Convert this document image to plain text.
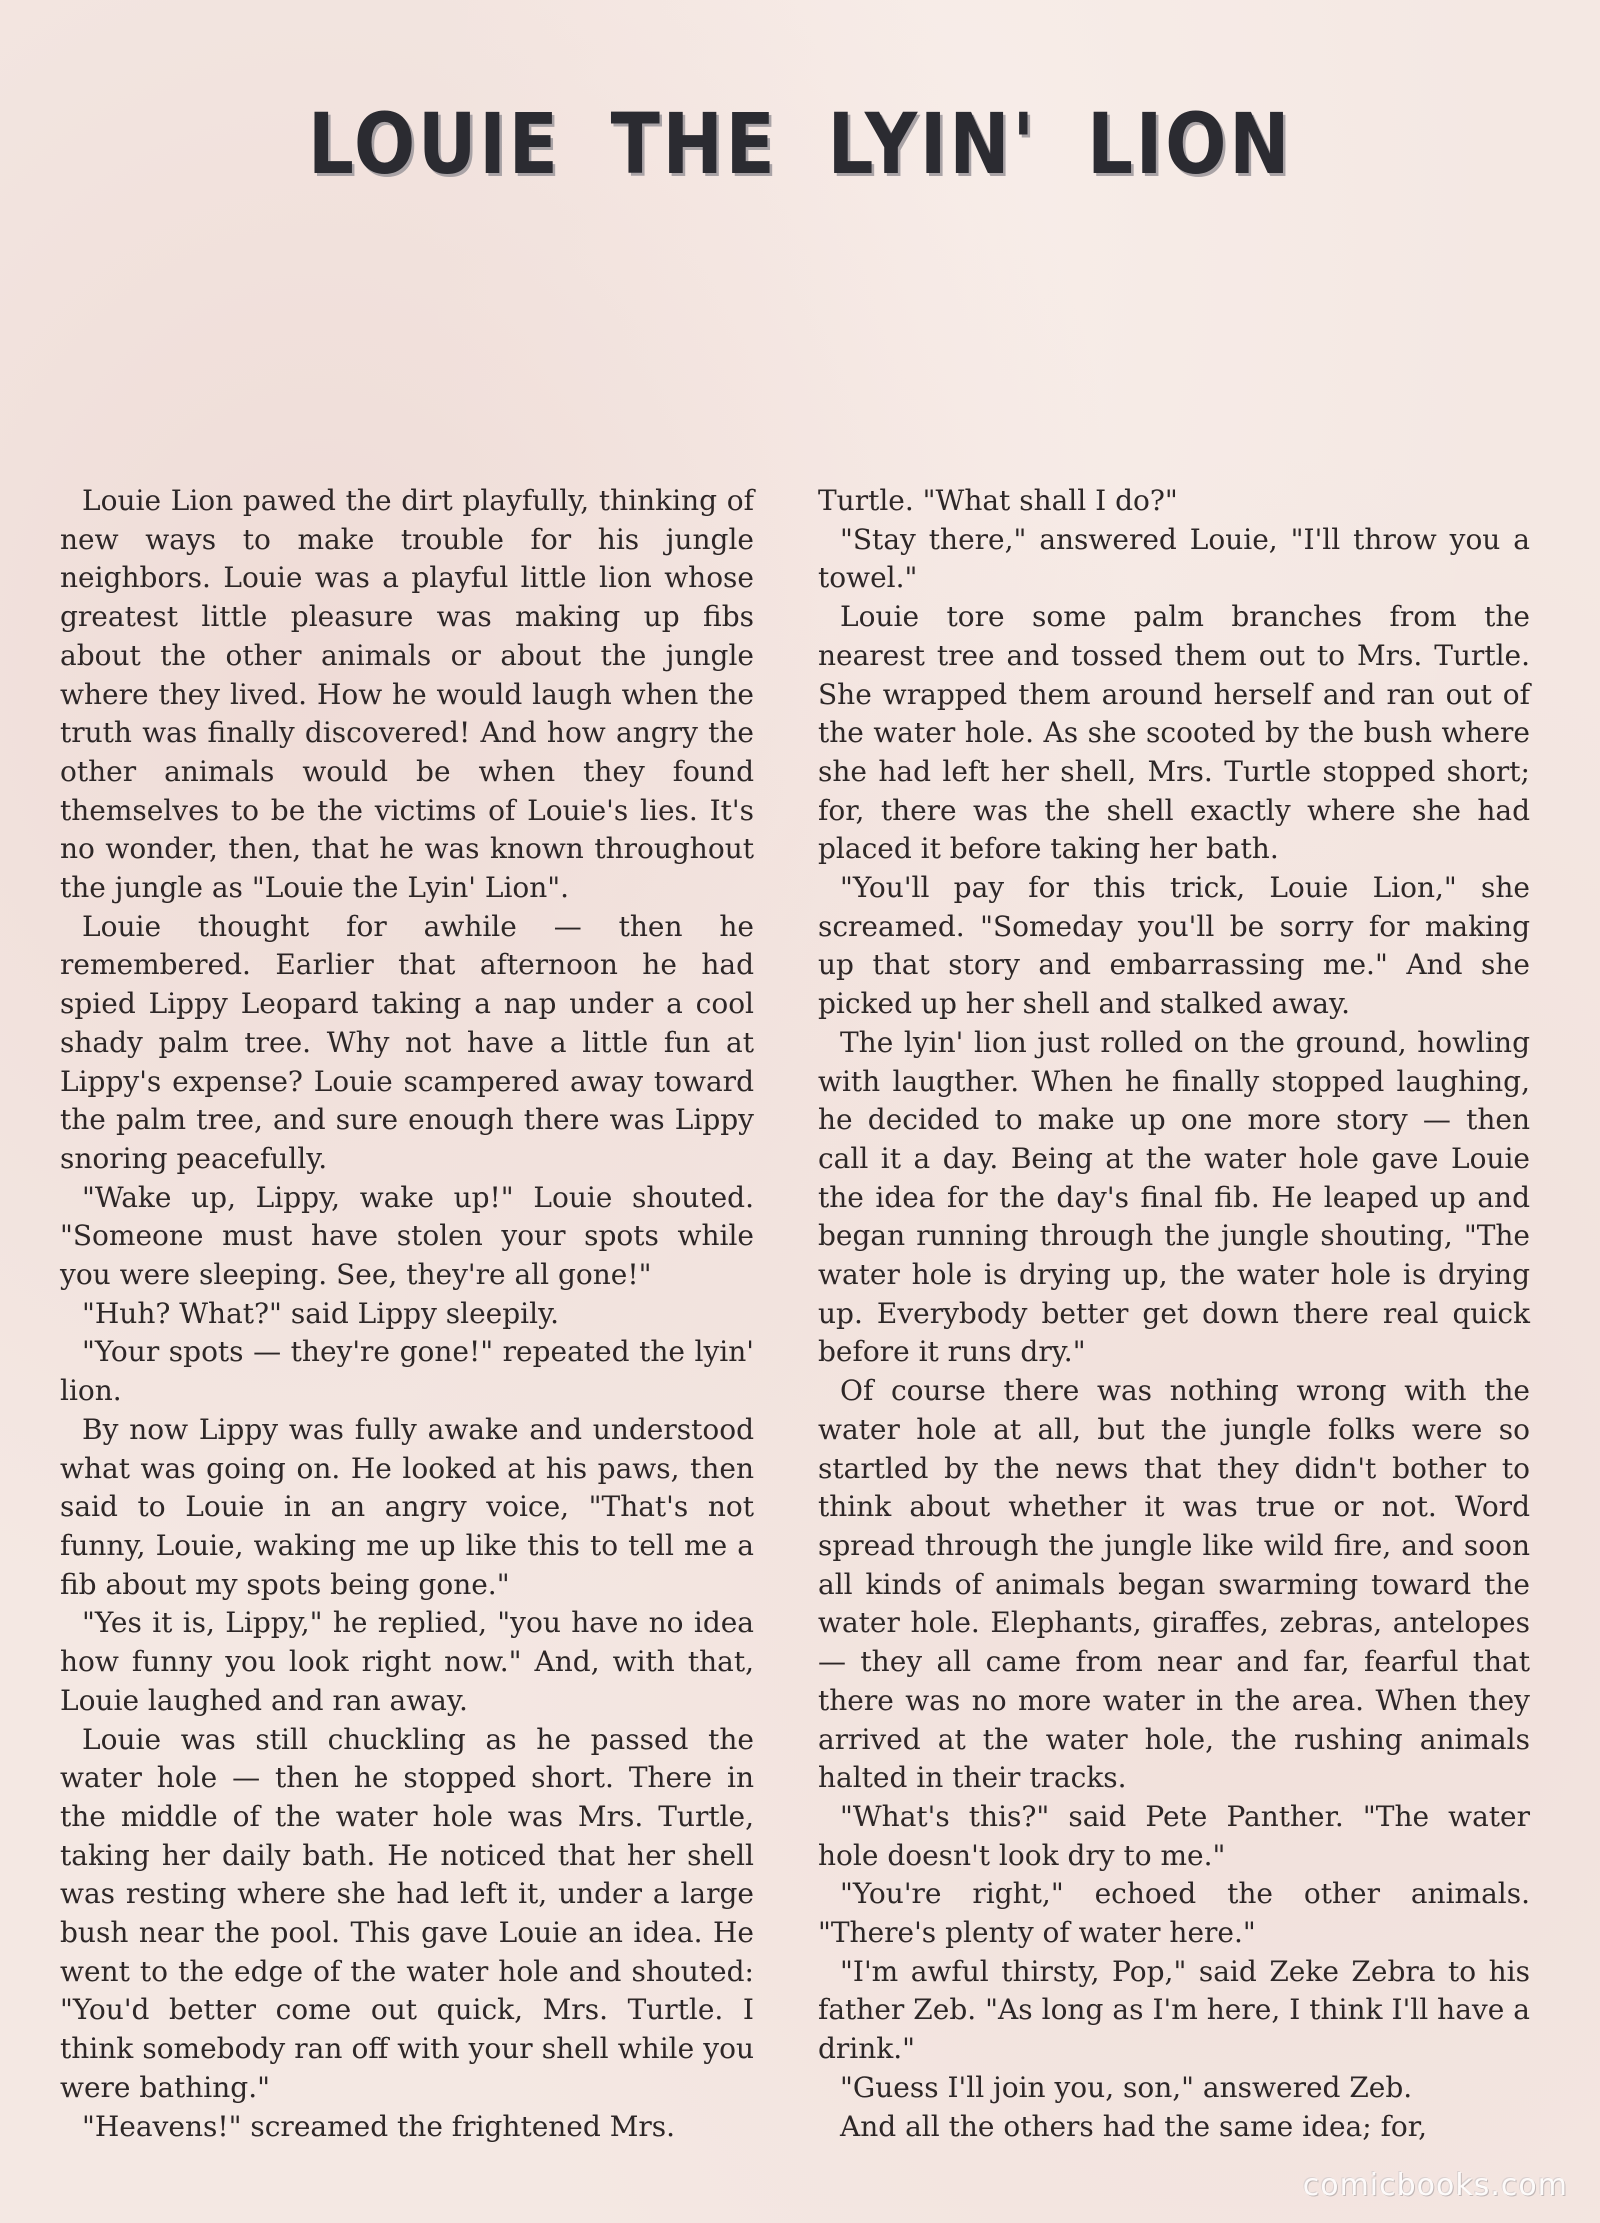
LOUIE THE LYIN' LION

Louie Lion pawed the dirt playfully, thinking of new ways to make trouble for his jungle neighbors. Louie was a playful little lion whose greatest little pleasure was making up fibs about the other animals or about the jungle where they lived. How he would laugh when the truth was finally discovered! And how angry the other animals would be when they found themselves to be the victims of Louie's lies. It's no wonder, then, that he was known throughout the jungle as "Louie the Lyin' Lion".

Louie thought for awhile — then he remembered. Earlier that afternoon he had spied Lippy Leopard taking a nap under a cool shady palm tree. Why not have a little fun at Lippy's expense? Louie scampered away toward the palm tree, and sure enough there was Lippy snoring peacefully.

"Wake up, Lippy, wake up!" Louie shouted. "Someone must have stolen your spots while you were sleeping. See, they're all gone!"

"Huh? What?" said Lippy sleepily.

"Your spots — they're gone!" repeated the lyin' lion.

By now Lippy was fully awake and understood what was going on. He looked at his paws, then said to Louie in an angry voice, "That's not funny, Louie, waking me up like this to tell me a fib about my spots being gone."

"Yes it is, Lippy," he replied, "you have no idea how funny you look right now." And, with that, Louie laughed and ran away.

Louie was still chuckling as he passed the water hole — then he stopped short. There in the middle of the water hole was Mrs. Turtle, taking her daily bath. He noticed that her shell was resting where she had left it, under a large bush near the pool. This gave Louie an idea. He went to the edge of the water hole and shouted: "You'd better come out quick, Mrs. Turtle. I think somebody ran off with your shell while you were bathing."

"Heavens!" screamed the frightened Mrs.

Turtle. "What shall I do?"

"Stay there," answered Louie, "I'll throw you a towel."

Louie tore some palm branches from the nearest tree and tossed them out to Mrs. Turtle. She wrapped them around herself and ran out of the water hole. As she scooted by the bush where she had left her shell, Mrs. Turtle stopped short; for, there was the shell exactly where she had placed it before taking her bath.

"You'll pay for this trick, Louie Lion," she screamed. "Someday you'll be sorry for making up that story and embarrassing me." And she picked up her shell and stalked away.

The lyin' lion just rolled on the ground, howling with laugther. When he finally stopped laughing, he decided to make up one more story — then call it a day. Being at the water hole gave Louie the idea for the day's final fib. He leaped up and began running through the jungle shouting, "The water hole is drying up, the water hole is drying up. Everybody better get down there real quick before it runs dry."

Of course there was nothing wrong with the water hole at all, but the jungle folks were so startled by the news that they didn't bother to think about whether it was true or not. Word spread through the jungle like wild fire, and soon all kinds of animals began swarming toward the water hole. Elephants, giraffes, zebras, antelopes — they all came from near and far, fearful that there was no more water in the area. When they arrived at the water hole, the rushing animals halted in their tracks.

"What's this?" said Pete Panther. "The water hole doesn't look dry to me."

"You're right," echoed the other animals. "There's plenty of water here."

"I'm awful thirsty, Pop," said Zeke Zebra to his father Zeb. "As long as I'm here, I think I'll have a drink."

"Guess I'll join you, son," answered Zeb.

And all the others had the same idea; for,

comicbooks.com
